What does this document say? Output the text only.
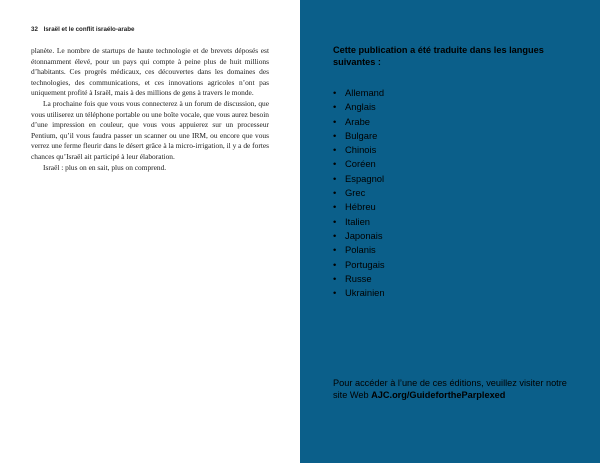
32 Israël et le conflit israélo-arabe

planète. Le nombre de startups de haute technologie et de brevets déposés est étonnamment élevé, pour un pays qui compte à peine plus de huit millions d’habitants. Ces progrès médicaux, ces découvertes dans les domaines des technologies, des communications, et ces innovations agricoles n’ont pas uniquement profité à Israël, mais à des millions de gens à travers le monde.

La prochaine fois que vous vous connecterez à un forum de discussion, que vous utiliserez un téléphone portable ou une boîte vocale, que vous aurez besoin d’une impression en couleur, que vous vous appuierez sur un processeur Pentium, qu’il vous faudra passer un scanner ou une IRM, ou encore que vous verrez une ferme fleurir dans le désert grâce à la micro-irrigation, il y a de fortes chances qu’Israël ait participé à leur élaboration.

Israël : plus on en sait, plus on comprend.

Cette publication a été traduite dans les langues suivantes :
• Allemand
• Anglais
• Arabe
• Bulgare
• Chinois
• Coréen
• Espagnol
• Grec
• Hébreu
• Italien
• Japonais
• Polanis
• Portugais
• Russe
• Ukrainien
Pour accéder à l’une de ces éditions, veuillez visiter notre site Web AJC.org/GuidefortheParplexed
